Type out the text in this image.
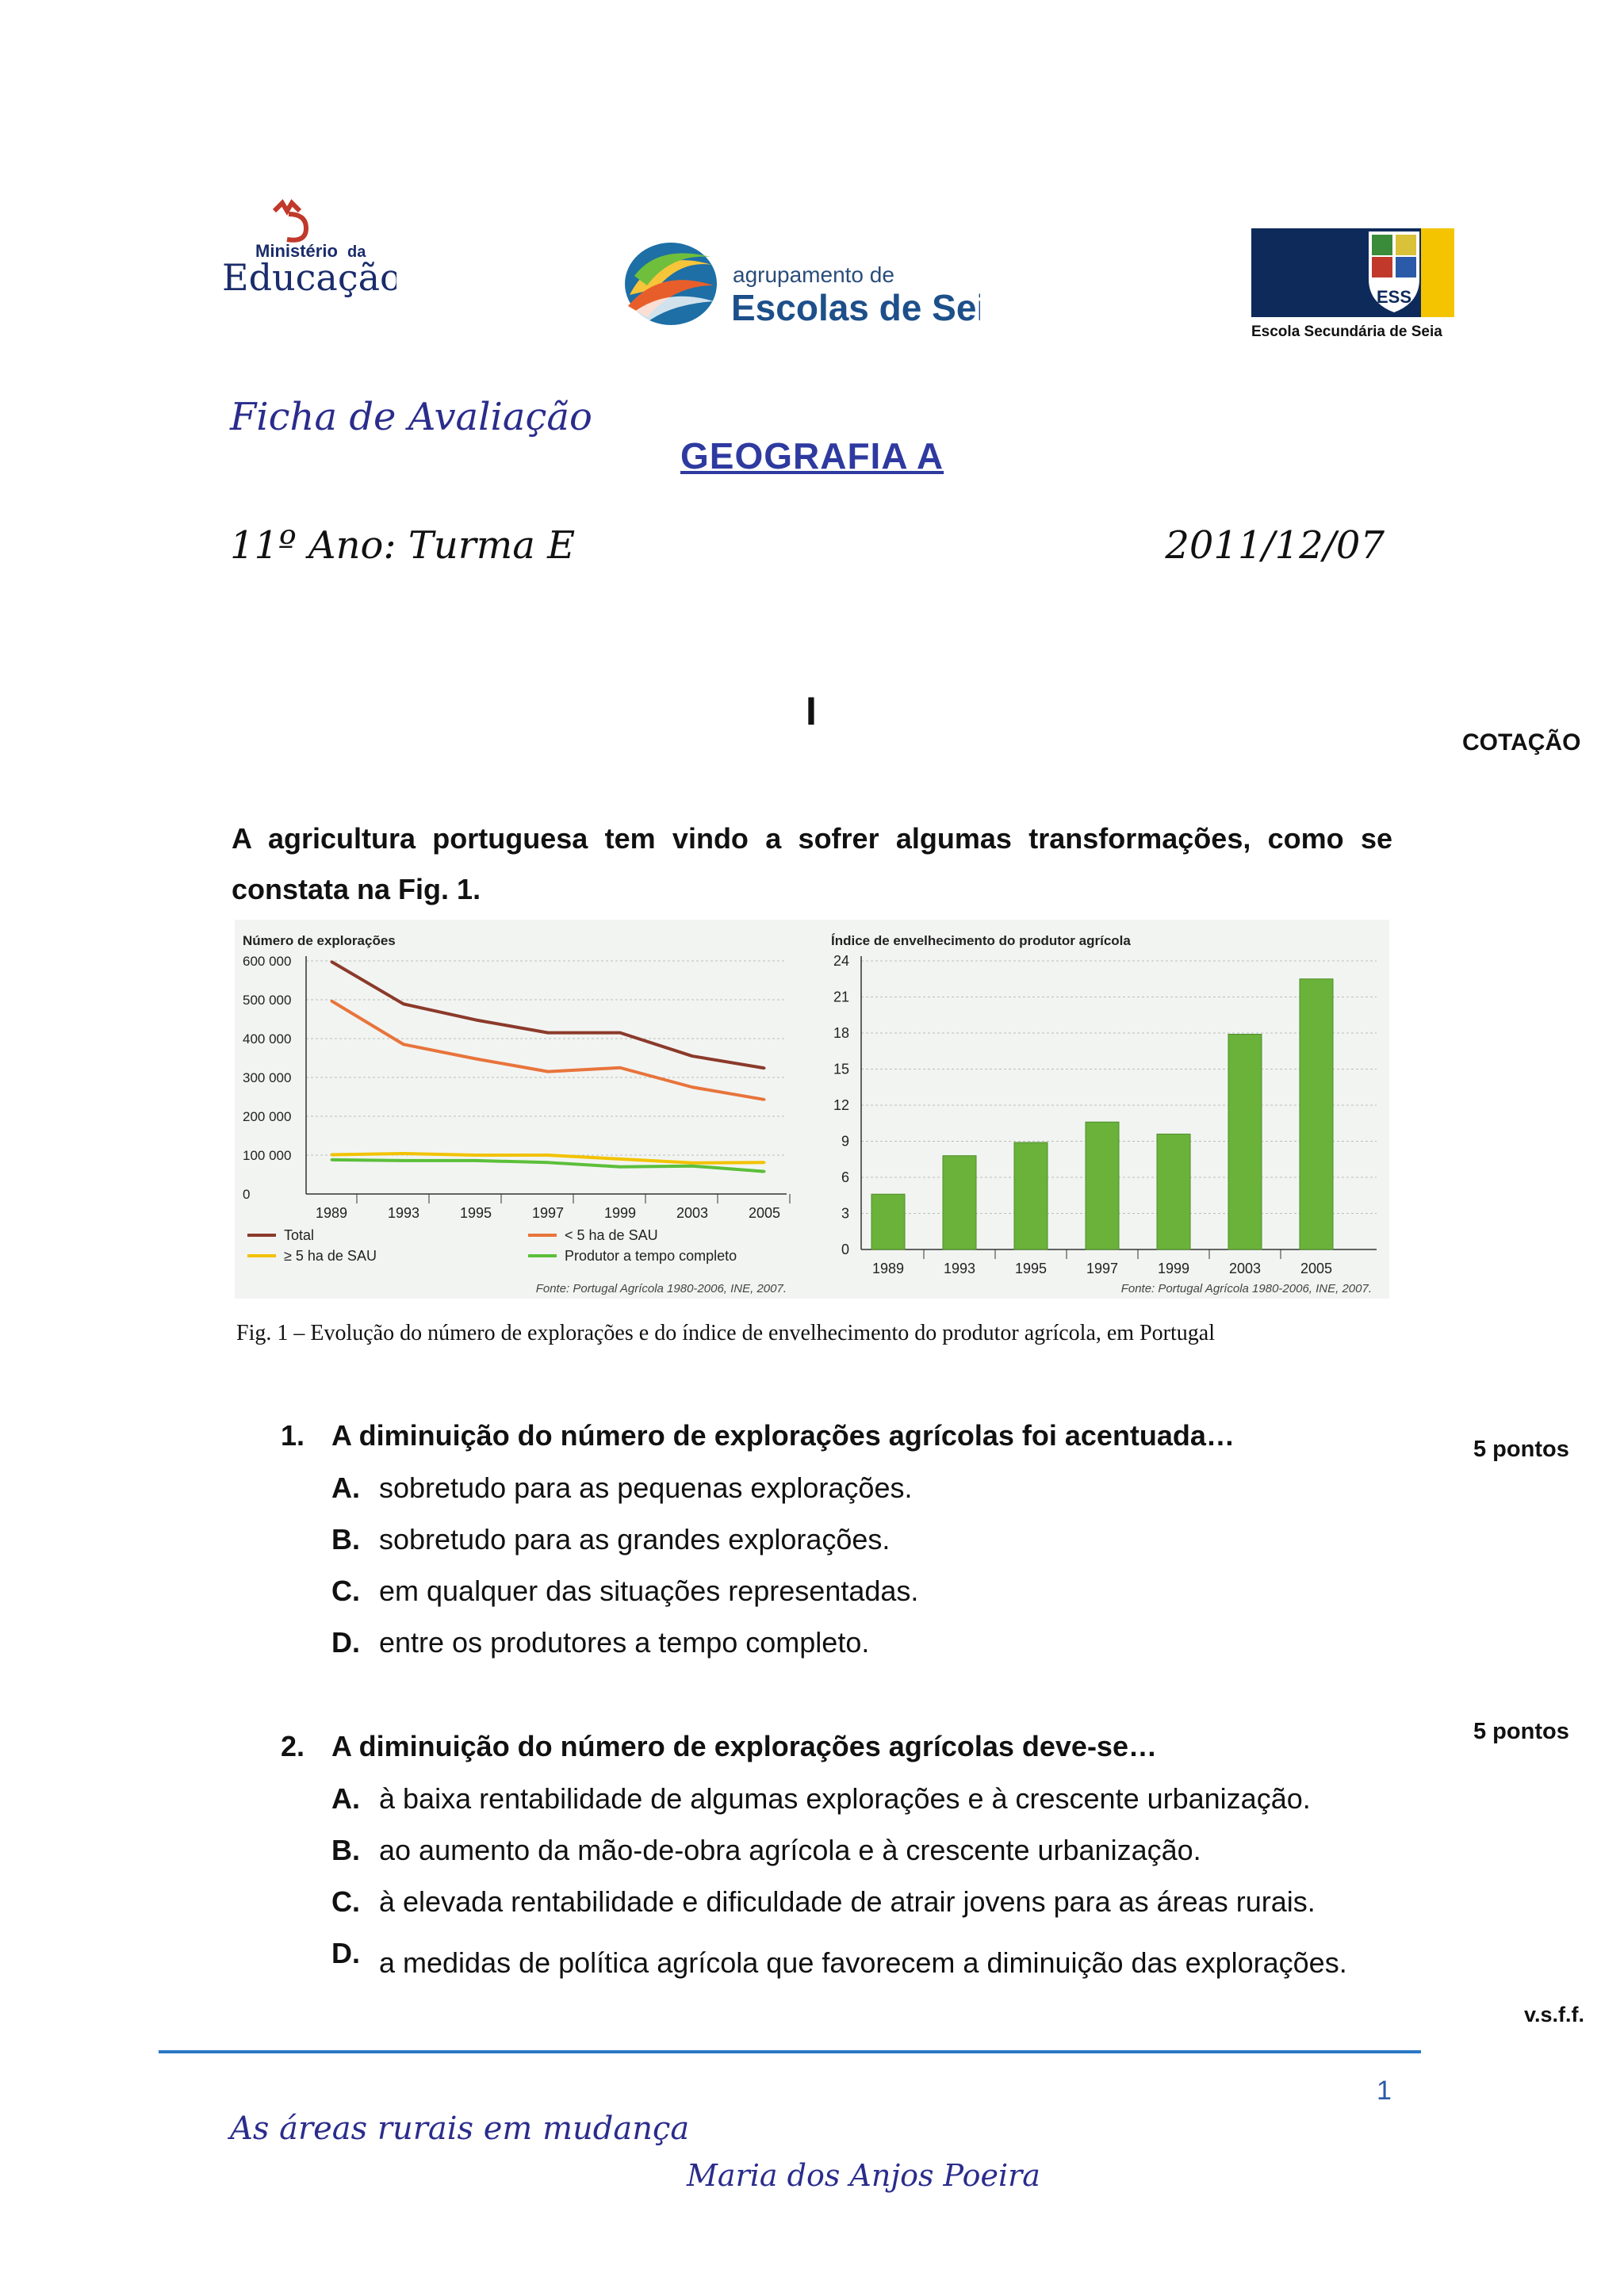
Ministério da
Educação	agrupamento de
Escolas de Seia	ESS
Escola Secundária de Seia
Ficha de Avaliação
GEOGRAFIA A
11º Ano: Turma E	2011/12/07
I
COTAÇÃO
A agricultura portuguesa tem vindo a sofrer algumas transformações, como se constata na Fig. 1.
Número de explorações
0
100 000
200 000
300 000
400 000
500 000
600 000
1989	1993	1995	1997	1999	2003	2005
Total	< 5 ha de SAU
≥ 5 ha de SAU	Produtor a tempo completo
Fonte: Portugal Agrícola 1980-2006, INE, 2007.
Índice de envelhecimento do produtor agrícola
0
3
6
9
12
15
18
21
24
1989	1993	1995	1997	1999	2003	2005
Fonte: Portugal Agrícola 1980-2006, INE, 2007.
Fig. 1 – Evolução do número de explorações e do índice de envelhecimento do produtor agrícola, em Portugal
1. A diminuição do número de explorações agrícolas foi acentuada…	5 pontos
A. sobretudo para as pequenas explorações.
B. sobretudo para as grandes explorações.
C. em qualquer das situações representadas.
D. entre os produtores a tempo completo.
5 pontos
2. A diminuição do número de explorações agrícolas deve-se…
A. à baixa rentabilidade de algumas explorações e à crescente urbanização.
B. ao aumento da mão-de-obra agrícola e à crescente urbanização.
C. à elevada rentabilidade e dificuldade de atrair jovens para as áreas rurais.
D. a medidas de política agrícola que favorecem a diminuição das explorações.
v.s.f.f.
1
As áreas rurais em mudança
Maria dos Anjos Poeira
